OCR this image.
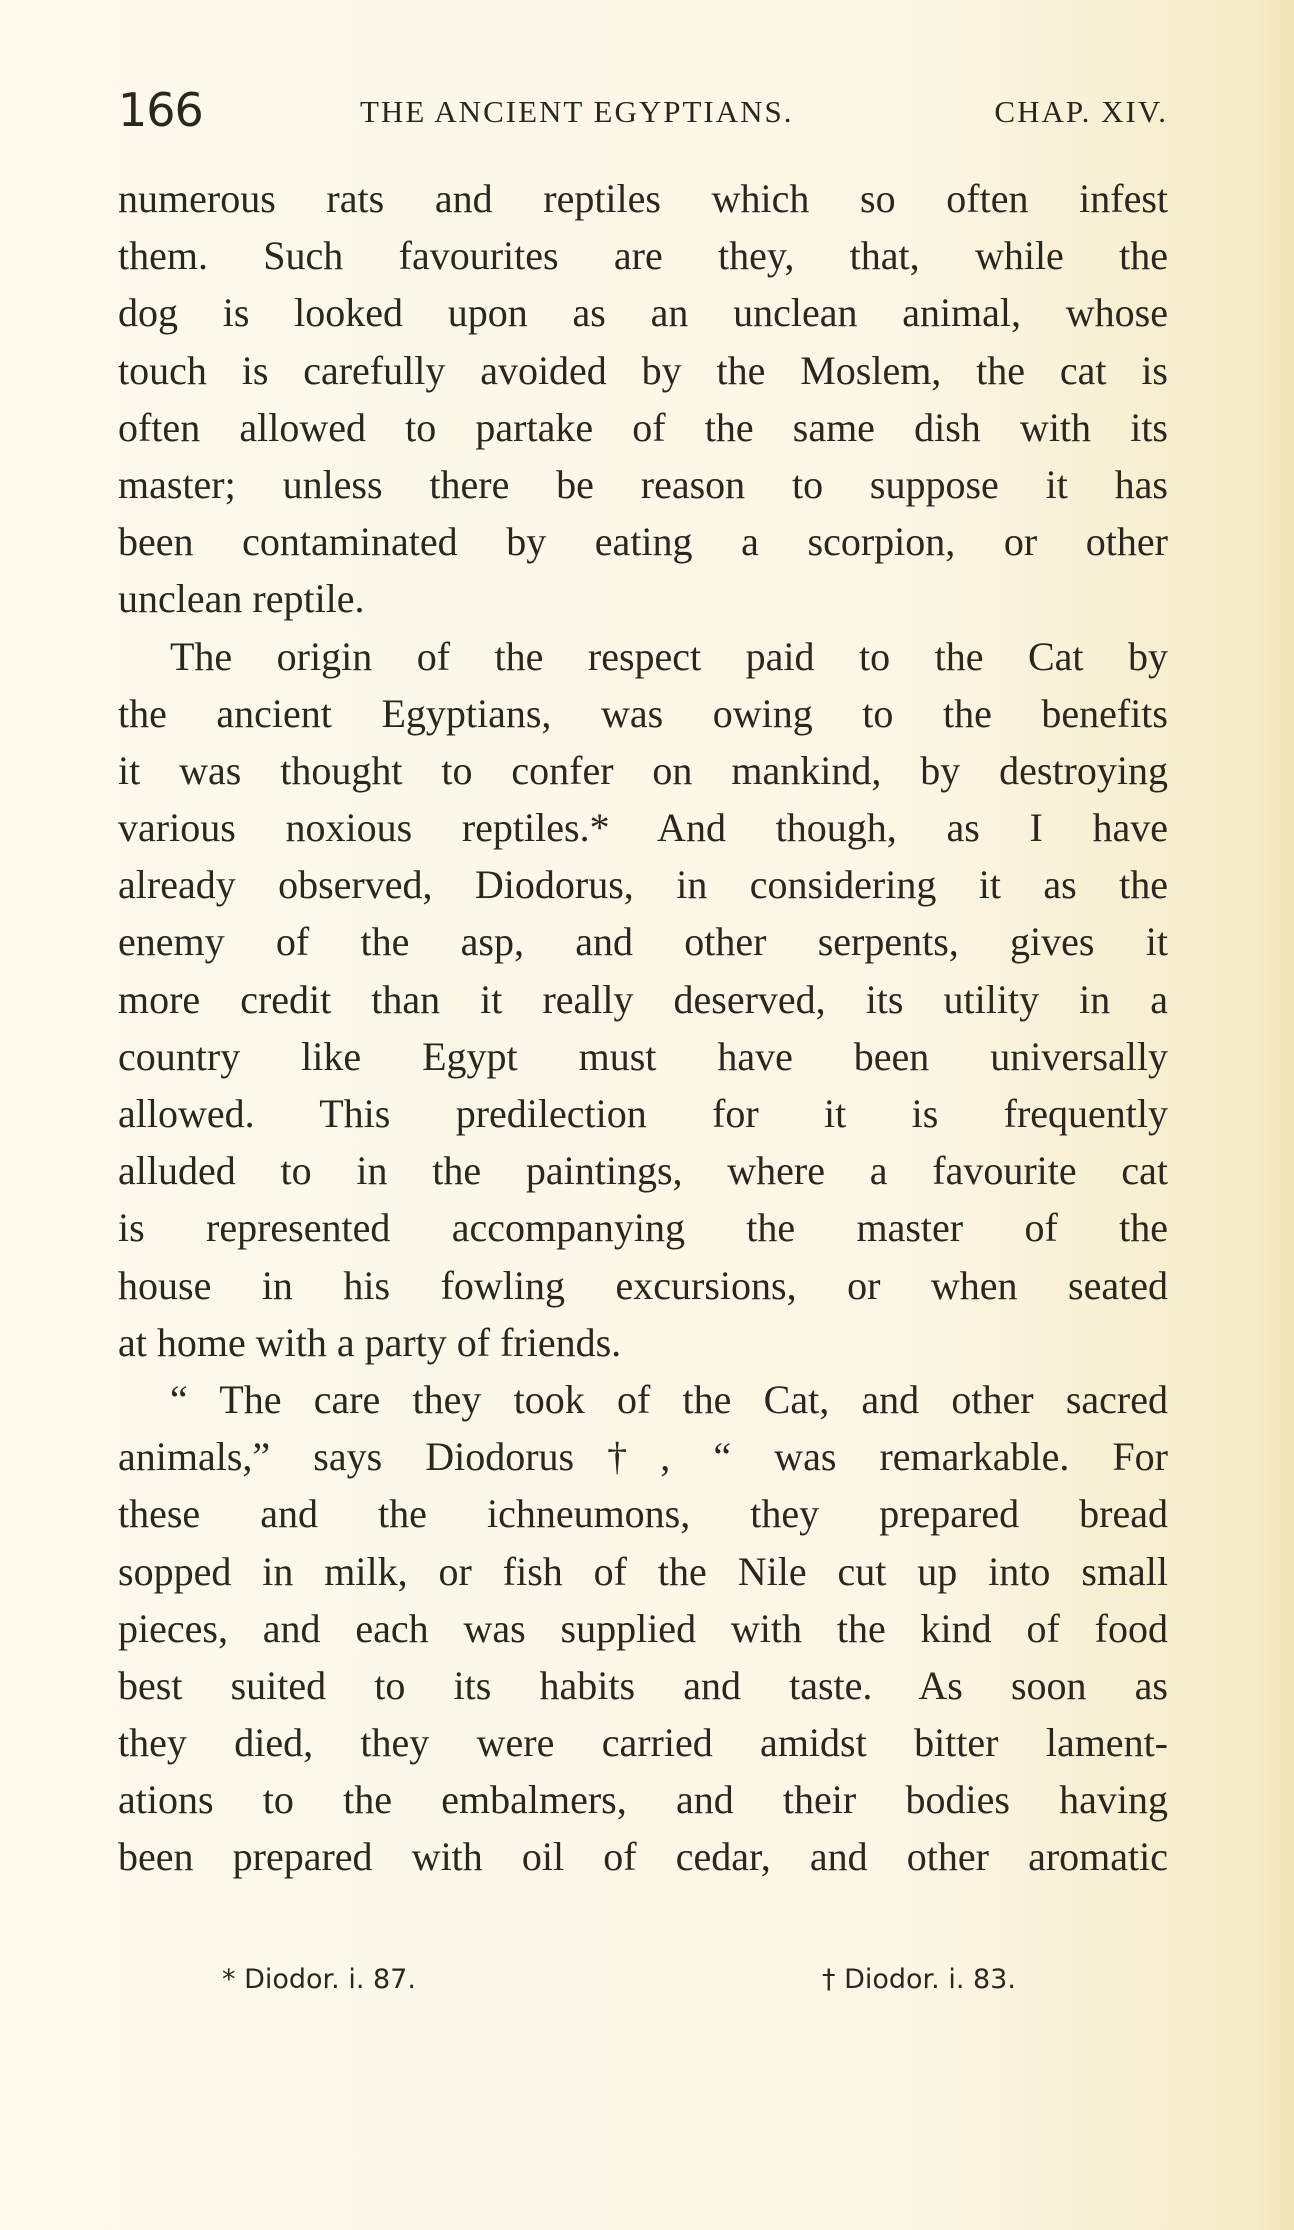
166	THE ANCIENT EGYPTIANS.	CHAP. XIV.
numerous rats and reptiles which so often infest
them. Such favourites are they, that, while the
dog is looked upon as an unclean animal, whose
touch is carefully avoided by the Moslem, the cat is
often allowed to partake of the same dish with its
master; unless there be reason to suppose it has
been contaminated by eating a scorpion, or other
unclean reptile.
The origin of the respect paid to the Cat by
the ancient Egyptians, was owing to the benefits
it was thought to confer on mankind, by destroying
various noxious reptiles.* And though, as I have
already observed, Diodorus, in considering it as the
enemy of the asp, and other serpents, gives it
more credit than it really deserved, its utility in a
country like Egypt must have been universally
allowed. This predilection for it is frequently
alluded to in the paintings, where a favourite cat
is represented accompanying the master of the
house in his fowling excursions, or when seated
at home with a party of friends.
“ The care they took of the Cat, and other sacred
animals,” says Diodorus†, “ was remarkable. For
these and the ichneumons, they prepared bread
sopped in milk, or fish of the Nile cut up into small
pieces, and each was supplied with the kind of food
best suited to its habits and taste. As soon as
they died, they were carried amidst bitter lament-
ations to the embalmers, and their bodies having
been prepared with oil of cedar, and other aromatic
* Diodor. i. 87.	† Diodor. i. 83.
